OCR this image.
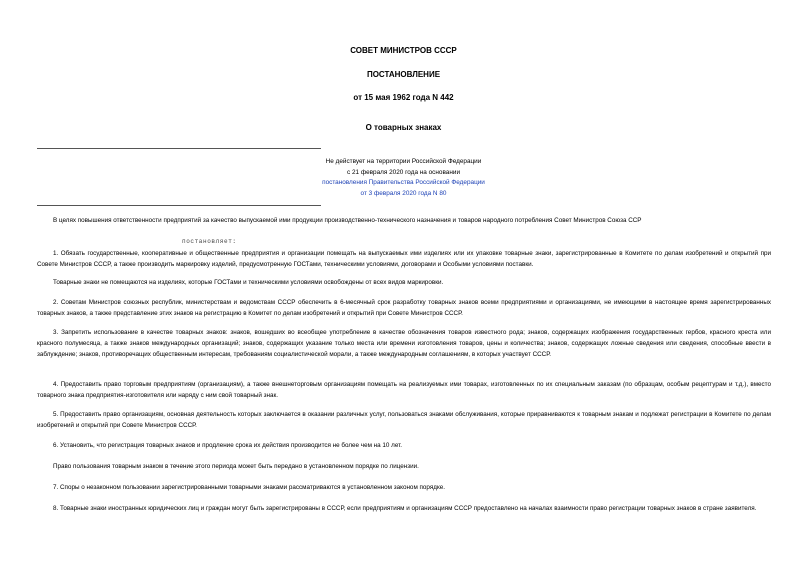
СОВЕТ МИНИСТРОВ СССР
ПОСТАНОВЛЕНИЕ
от 15 мая 1962 года N 442
О товарных знаках
Не действует на территории Российской Федерации
с 21 февраля 2020 года на основании
постановления Правительства Российской Федерации
от 3 февраля 2020 года N 80

В целях повышения ответственности предприятий за качество выпускаемой ими продукции производственно-технического назначения и товаров народного потребления Совет Министров Союза ССР

постановляет:

1. Обязать государственные, кооперативные и общественные предприятия и организации помещать на выпускаемых ими изделиях или их упаковке товарные знаки, зарегистрированные в Комитете по делам изобретений и открытий при Совете Министров СССР, а также производить маркировку изделий, предусмотренную ГОСТами, техническими условиями, договорами и Особыми условиями поставки.

Товарные знаки не помещаются на изделиях, которые ГОСТами и техническими условиями освобождены от всех видов маркировки.

2. Советам Министров союзных республик, министерствам и ведомствам СССР обеспечить в 6-месячный срок разработку товарных знаков всеми предприятиями и организациями, не имеющими в настоящее время зарегистрированных товарных знаков, а также представление этих знаков на регистрацию в Комитет по делам изобретений и открытий при Совете Министров СССР.

3. Запретить использование в качестве товарных знаков: знаков, вошедших во всеобщее употребление в качестве обозначения товаров известного рода; знаков, содержащих изображения государственных гербов, красного креста или красного полумесяца, а также знаков международных организаций; знаков, содержащих указание только места или времени изготовления товаров, цены и количества; знаков, содержащих ложные сведения или сведения, способные ввести в заблуждение; знаков, противоречащих общественным интересам, требованиям социалистической морали, а также международным соглашениям, в которых участвует СССР.

4. Предоставить право торговым предприятиям (организациям), а также внешнеторговым организациям помещать на реализуемых ими товарах, изготовленных по их специальным заказам (по образцам, особым рецептурам и т.д.), вместо товарного знака предприятия-изготовителя или наряду с ним свой товарный знак.

5. Предоставить право организациям, основная деятельность которых заключается в оказании различных услуг, пользоваться знаками обслуживания, которые приравниваются к товарным знакам и подлежат регистрации в Комитете по делам изобретений и открытий при Совете Министров СССР.

6. Установить, что регистрация товарных знаков и продление срока их действия производится не более чем на 10 лет.

Право пользования товарным знаком в течение этого периода может быть передано в установленном порядке по лицензии.

7. Споры о незаконном пользовании зарегистрированными товарными знаками рассматриваются в установленном законом порядке.

8. Товарные знаки иностранных юридических лиц и граждан могут быть зарегистрированы в СССР, если предприятиям и организациям СССР предоставлено на началах взаимности право регистрации товарных знаков в стране заявителя.
